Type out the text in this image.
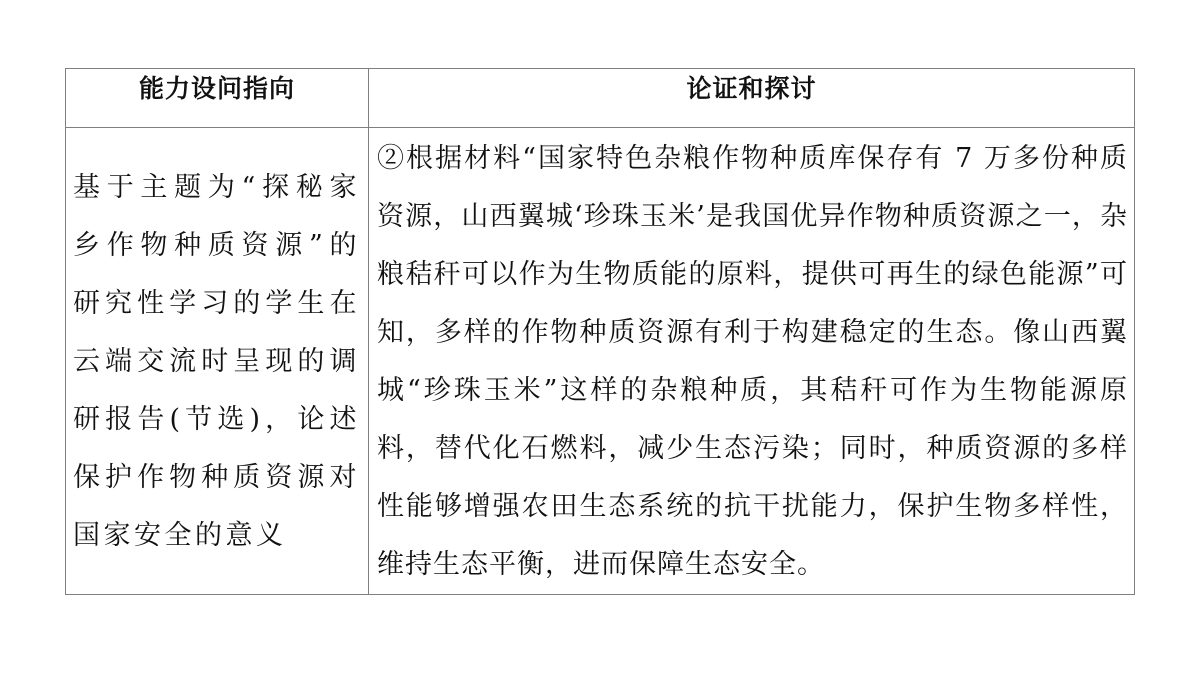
能力设问指向	论证和探讨

基于主题为“探秘家乡作物种质资源”的研究性学习的学生在云端交流时呈现的调研报告(节选)，论述保护作物种质资源对国家安全的意义	②根据材料“国家特色杂粮作物种质库保存有 7 万多份种质资源，山西翼城‘珍珠玉米’是我国优异作物种质资源之一，杂粮秸秆可以作为生物质能的原料，提供可再生的绿色能源”可知，多样的作物种质资源有利于构建稳定的生态。像山西翼城“珍珠玉米”这样的杂粮种质，其秸秆可作为生物能源原料，替代化石燃料，减少生态污染；同时，种质资源的多样性能够增强农田生态系统的抗干扰能力，保护生物多样性，维持生态平衡，进而保障生态安全。
